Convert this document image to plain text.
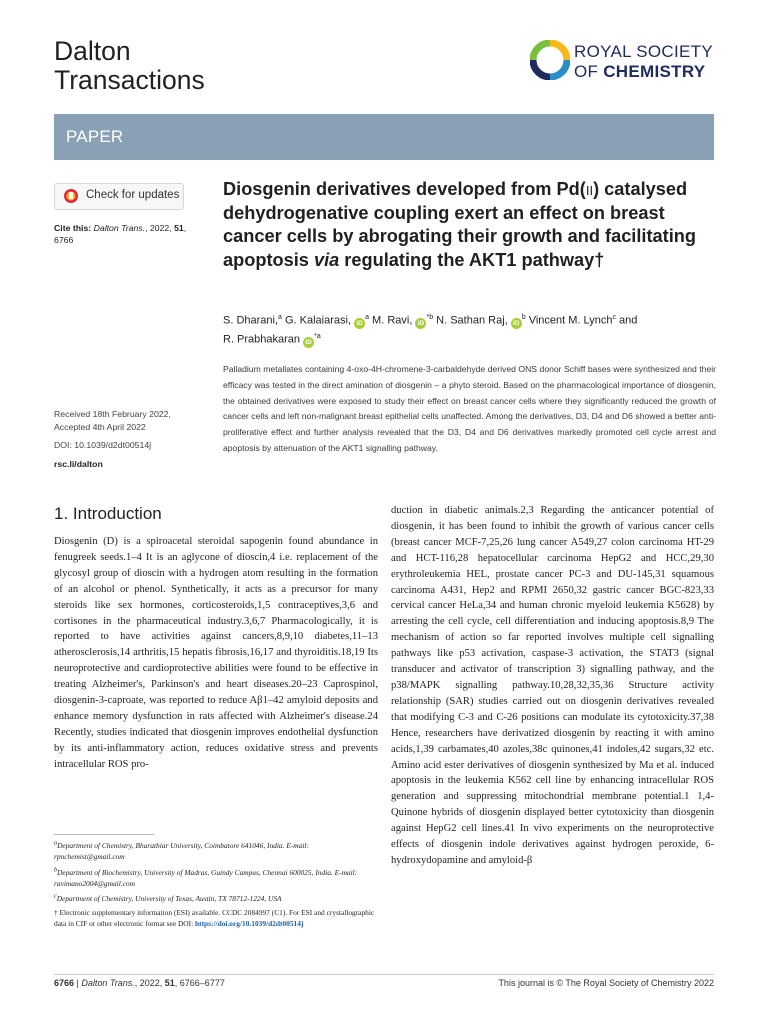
Dalton
Transactions
ROYAL SOCIETY
OF CHEMISTRY
PAPER
Check for updates
Cite this: Dalton Trans., 2022, 51,
6766
Received 18th February 2022,
Accepted 4th April 2022
DOI: 10.1039/d2dt00514j
rsc.li/dalton
Diosgenin derivatives developed from Pd(ii) catalysed dehydrogenative coupling exert an effect on breast cancer cells by abrogating their growth and facilitating apoptosis via regulating the AKT1 pathway†
S. Dharani,$^a$ G. Kalaiarasi, $iD^a$ M. Ravi, $iD^{*b}$ N. Sathan Raj, $iD^b$ Vincent M. Lynch$^c$ and
R. Prabhakaran $iD^{*a}$
Palladium metallates containing 4-oxo-4H-chromene-3-carbaldehyde derived ONS donor Schiff bases were synthesized and their efficacy was tested in the direct amination of diosgenin – a phyto steroid. Based on the pharmacological importance of diosgenin, the obtained derivatives were exposed to study their effect on breast cancer cells where they significantly reduced the growth of cancer cells and left non-malignant breast epithelial cells unaffected. Among the derivatives, D3, D4 and D6 showed a better anti-proliferative effect and further analysis revealed that the D3, D4 and D6 derivatives markedly promoted cell cycle arrest and apoptosis by attenuation of the AKT1 signalling pathway.
1. Introduction
Diosgenin (D) is a spiroacetal steroidal sapogenin found abundance in fenugreek seeds.1–4 It is an aglycone of dioscin,4 i.e. replacement of the glycosyl group of dioscin with a hydrogen atom resulting in the formation of an alcohol or phenol. Synthetically, it acts as a precursor for many steroids like sex hormones, corticosteroids,1,5 contraceptives,3,6 and cortisones in the pharmaceutical industry.3,6,7 Pharmacologically, it is reported to have activities against cancers,8,9,10 diabetes,11–13 atherosclerosis,14 arthritis,15 hepatis fibrosis,16,17 and thyroiditis.18,19 Its neuroprotective and cardioprotective abilities were found to be effective in treating Alzheimer's, Parkinson's and heart diseases.20–23 Caprospinol, diosgenin-3-caproate, was reported to reduce Aβ1–42 amyloid deposits and enhance memory dysfunction in rats affected with Alzheimer's disease.24 Recently, studies indicated that diosgenin improves endothelial dysfunction by its anti-inflammatory action, reduces oxidative stress and prevents intracellular ROS pro-
duction in diabetic animals.2,3 Regarding the anticancer potential of diosgenin, it has been found to inhibit the growth of various cancer cells (breast cancer MCF-7,25,26 lung cancer A549,27 colon carcinoma HT-29 and HCT-116,28 hepatocellular carcinoma HepG2 and HCC,29,30 erythroleukemia HEL, prostate cancer PC-3 and DU-145,31 squamous carcinoma A431, Hep2 and RPMI 2650,32 gastric cancer BGC-823,33 cervical cancer HeLa,34 and human chronic myeloid leukemia K5628) by arresting the cell cycle, cell differentiation and inducing apoptosis.8,9 The mechanism of action so far reported involves multiple cell signalling pathways like p53 activation, caspase-3 activation, the STAT3 (signal transducer and activator of transcription 3) signalling pathway, and the p38/MAPK signalling pathway.10,28,32,35,36 Structure activity relationship (SAR) studies carried out on diosgenin derivatives revealed that modifying C-3 and C-26 positions can modulate its cytotoxicity.37,38 Hence, researchers have derivatized diosgenin by reacting it with amino acids,1,39 carbamates,40 azoles,38c quinones,41 indoles,42 sugars,32 etc. Amino acid ester derivatives of diosgenin synthesized by Ma et al. induced apoptosis in the leukemia K562 cell line by enhancing intracellular ROS generation and suppressing mitochondrial membrane potential.1 1,4-Quinone hybrids of diosgenin displayed better cytotoxicity than diosgenin against HepG2 cell lines.41 In vivo experiments on the neuroprotective effects of diosgenin indole derivatives against hydrogen peroxide, 6-hydroxydopamine and amyloid-β

$^a$Department of Chemistry, Bharathiar University, Coimbatore 641046, India. E-mail: rpnchemist@gmail.com

$^b$Department of Biochemistry, University of Madras, Guindy Campus, Chennai 600025, India. E-mail: ravimano2004@gmail.com

$^c$Department of Chemistry, University of Texas, Austin, TX 78712-1224, USA

† Electronic supplementary information (ESI) available. CCDC 2084997 (C1). For ESI and crystallographic data in CIF or other electronic format see DOI: https://doi.org/10.1039/d2dt00514j

6766 | Dalton Trans., 2022, 51, 6766–6777	This journal is © The Royal Society of Chemistry 2022
